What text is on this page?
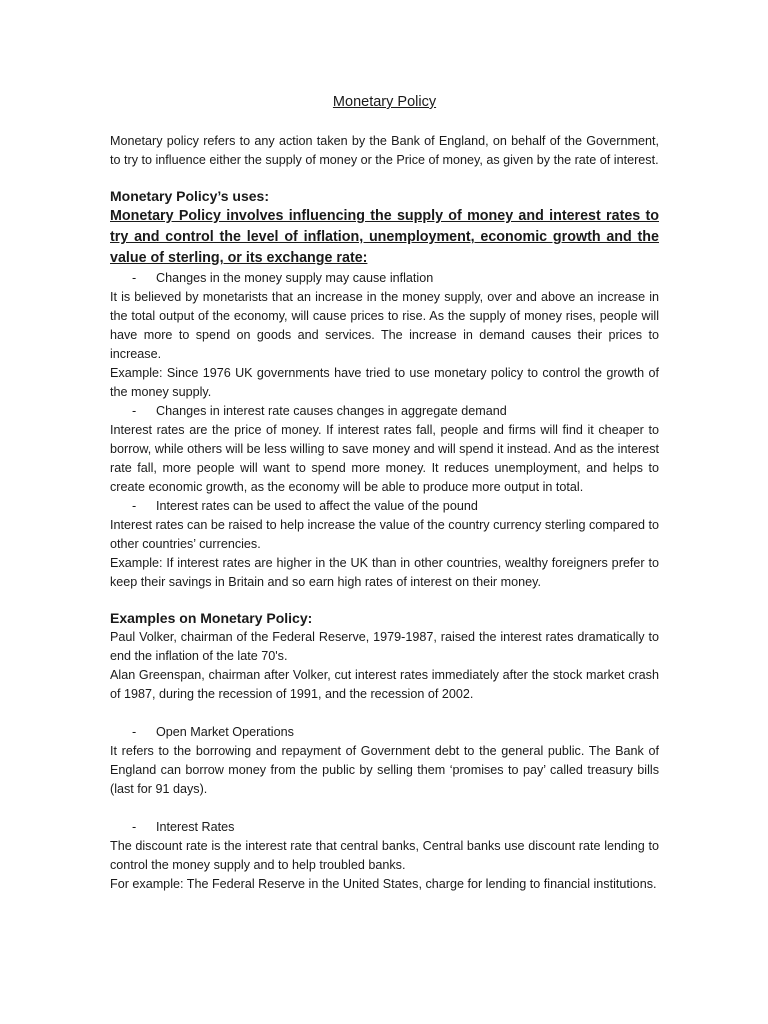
Monetary Policy

Monetary policy refers to any action taken by the Bank of England, on behalf of the Government, to try to influence either the supply of money or the Price of money, as given by the rate of interest.

Monetary Policy’s uses:
Monetary Policy involves influencing the supply of money and interest rates to try and control the level of inflation, unemployment, economic growth and the value of sterling, or its exchange rate:
-	Changes in the money supply may cause inflation

It is believed by monetarists that an increase in the money supply, over and above an increase in the total output of the economy, will cause prices to rise. As the supply of money rises, people will have more to spend on goods and services. The increase in demand causes their prices to increase.

Example: Since 1976 UK governments have tried to use monetary policy to control the growth of the money supply.

-	Changes in interest rate causes changes in aggregate demand

Interest rates are the price of money. If interest rates fall, people and firms will find it cheaper to borrow, while others will be less willing to save money and will spend it instead. And as the interest rate fall, more people will want to spend more money. It reduces unemployment, and helps to create economic growth, as the economy will be able to produce more output in total.

-	Interest rates can be used to affect the value of the pound

Interest rates can be raised to help increase the value of the country currency sterling compared to other countries’ currencies.

Example: If interest rates are higher in the UK than in other countries, wealthy foreigners prefer to keep their savings in Britain and so earn high rates of interest on their money.

Examples on Monetary Policy:

Paul Volker, chairman of the Federal Reserve, 1979-1987, raised the interest rates dramatically to end the inflation of the late 70's.

Alan Greenspan, chairman after Volker, cut interest rates immediately after the stock market crash of 1987, during the recession of 1991, and the recession of 2002.

-	Open Market Operations

It refers to the borrowing and repayment of Government debt to the general public. The Bank of England can borrow money from the public by selling them ‘promises to pay’ called treasury bills (last for 91 days).

-	Interest Rates

The discount rate is the interest rate that central banks, Central banks use discount rate lending to control the money supply and to help troubled banks.

For example: The Federal Reserve in the United States, charge for lending to financial institutions.
